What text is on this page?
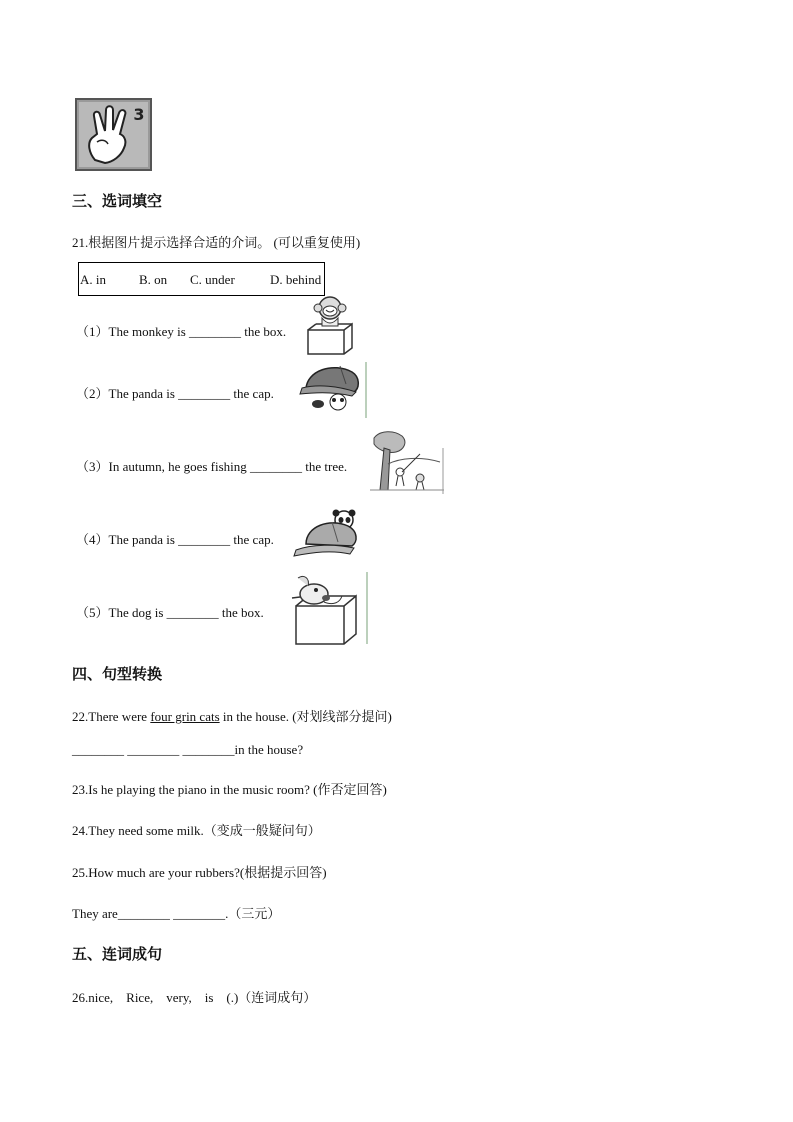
3
三、选词填空
21.根据图片提示选择合适的介词。 (可以重复使用)
A. in	B. on C. under	D. behind
（1）The monkey is ________ the box.
（2）The panda is ________ the cap.
（3）In autumn, he goes fishing ________ the tree.
（4）The panda is ________ the cap.
（5）The dog is ________ the box.
四、句型转换
22.There were four grin cats in the house. (对划线部分提问)
________ ________ ________in the house?
23.Is he playing the piano in the music room? (作否定回答)
24.They need some milk.（变成一般疑问句）
25.How much are your rubbers?(根据提示回答)
They are________ ________.（三元）
五、连词成句
26.nice,    Rice,    very,    is    (.)（连词成句）
